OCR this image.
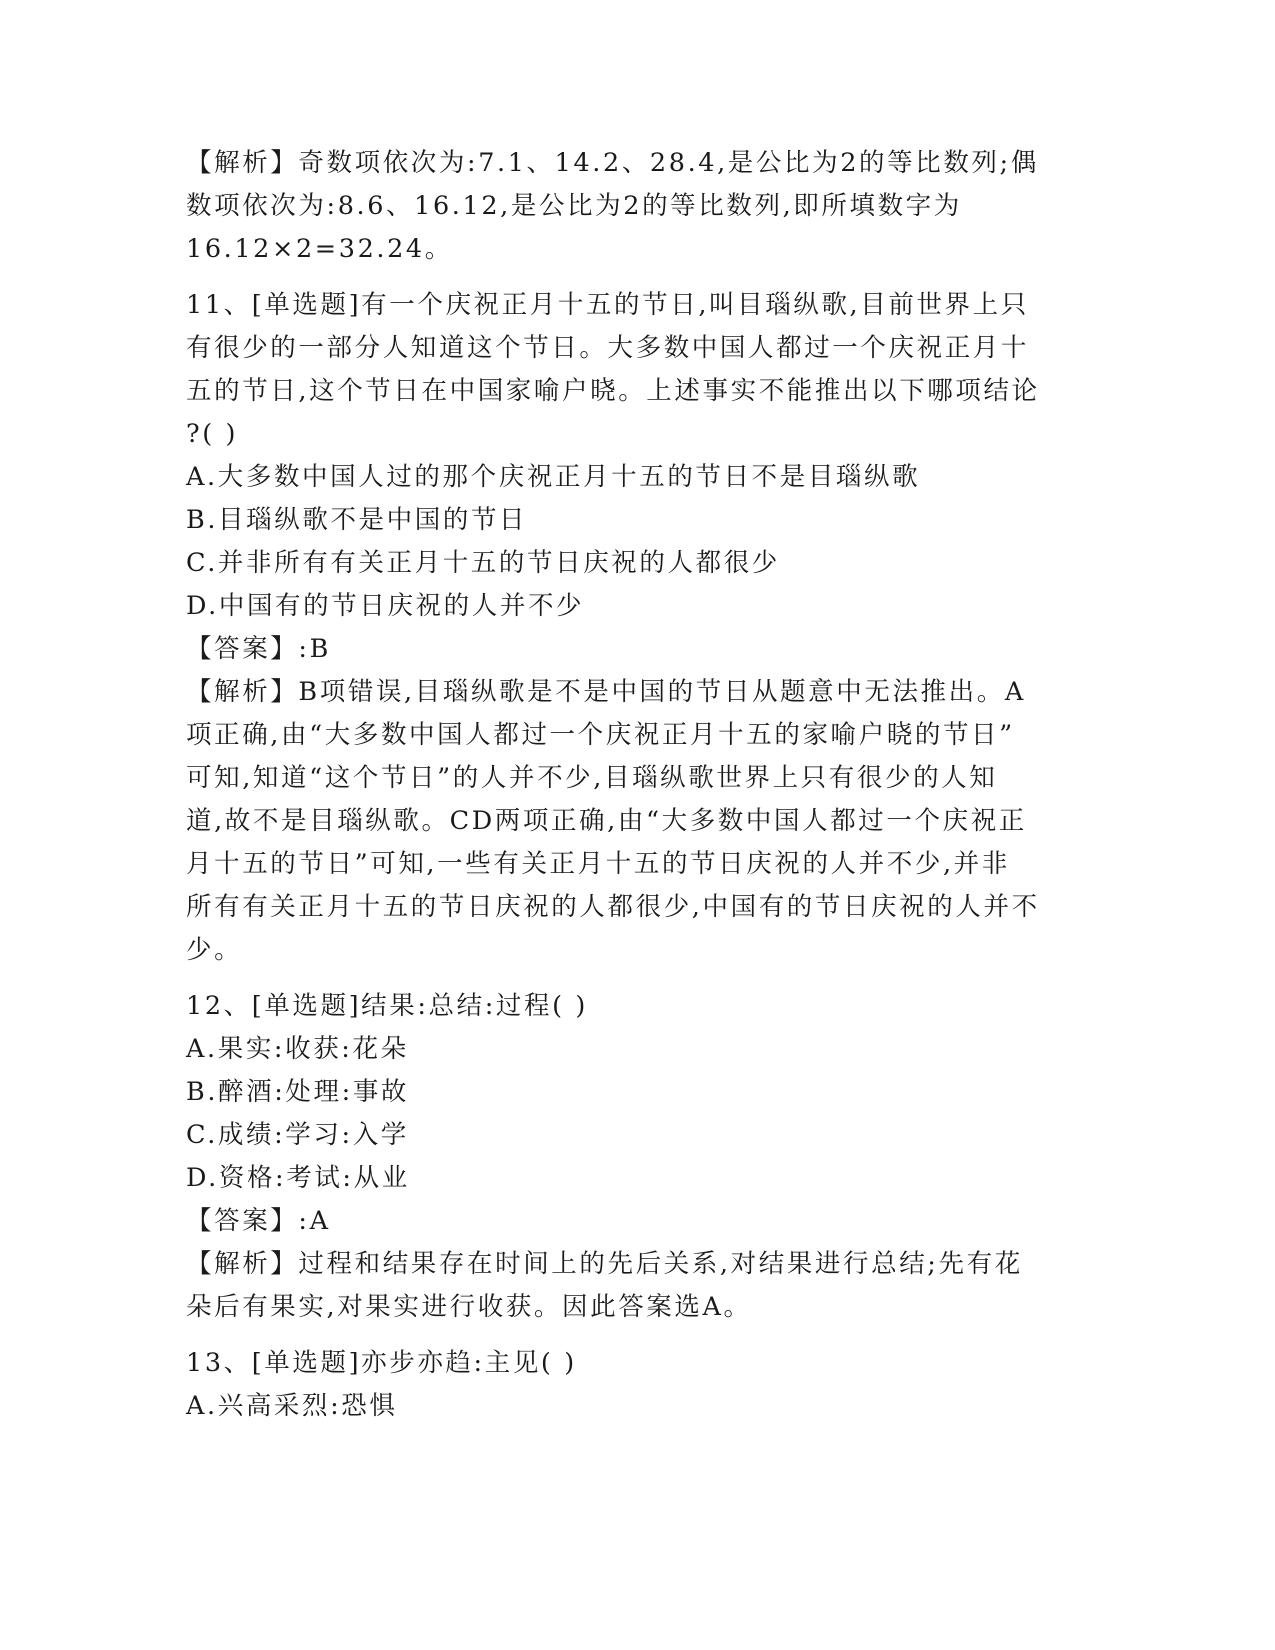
【解析】奇数项依次为:7.1、14.2、28.4,是公比为2的等比数列;偶
数项依次为:8.6、16.12,是公比为2的等比数列,即所填数字为
16.12×2=32.24。
11、[单选题]有一个庆祝正月十五的节日,叫目瑙纵歌,目前世界上只
有很少的一部分人知道这个节日。大多数中国人都过一个庆祝正月十
五的节日,这个节日在中国家喻户晓。上述事实不能推出以下哪项结论
?( )
A.大多数中国人过的那个庆祝正月十五的节日不是目瑙纵歌
B.目瑙纵歌不是中国的节日
C.并非所有有关正月十五的节日庆祝的人都很少
D.中国有的节日庆祝的人并不少
【答案】:B
【解析】B项错误,目瑙纵歌是不是中国的节日从题意中无法推出。A
项正确,由“大多数中国人都过一个庆祝正月十五的家喻户晓的节日”
可知,知道“这个节日”的人并不少,目瑙纵歌世界上只有很少的人知
道,故不是目瑙纵歌。CD两项正确,由“大多数中国人都过一个庆祝正
月十五的节日”可知,一些有关正月十五的节日庆祝的人并不少,并非
所有有关正月十五的节日庆祝的人都很少,中国有的节日庆祝的人并不
少。
12、[单选题]结果:总结:过程( )
A.果实:收获:花朵
B.醉酒:处理:事故
C.成绩:学习:入学
D.资格:考试:从业
【答案】:A
【解析】过程和结果存在时间上的先后关系,对结果进行总结;先有花
朵后有果实,对果实进行收获。因此答案选A。
13、[单选题]亦步亦趋:主见( )
A.兴高采烈:恐惧
